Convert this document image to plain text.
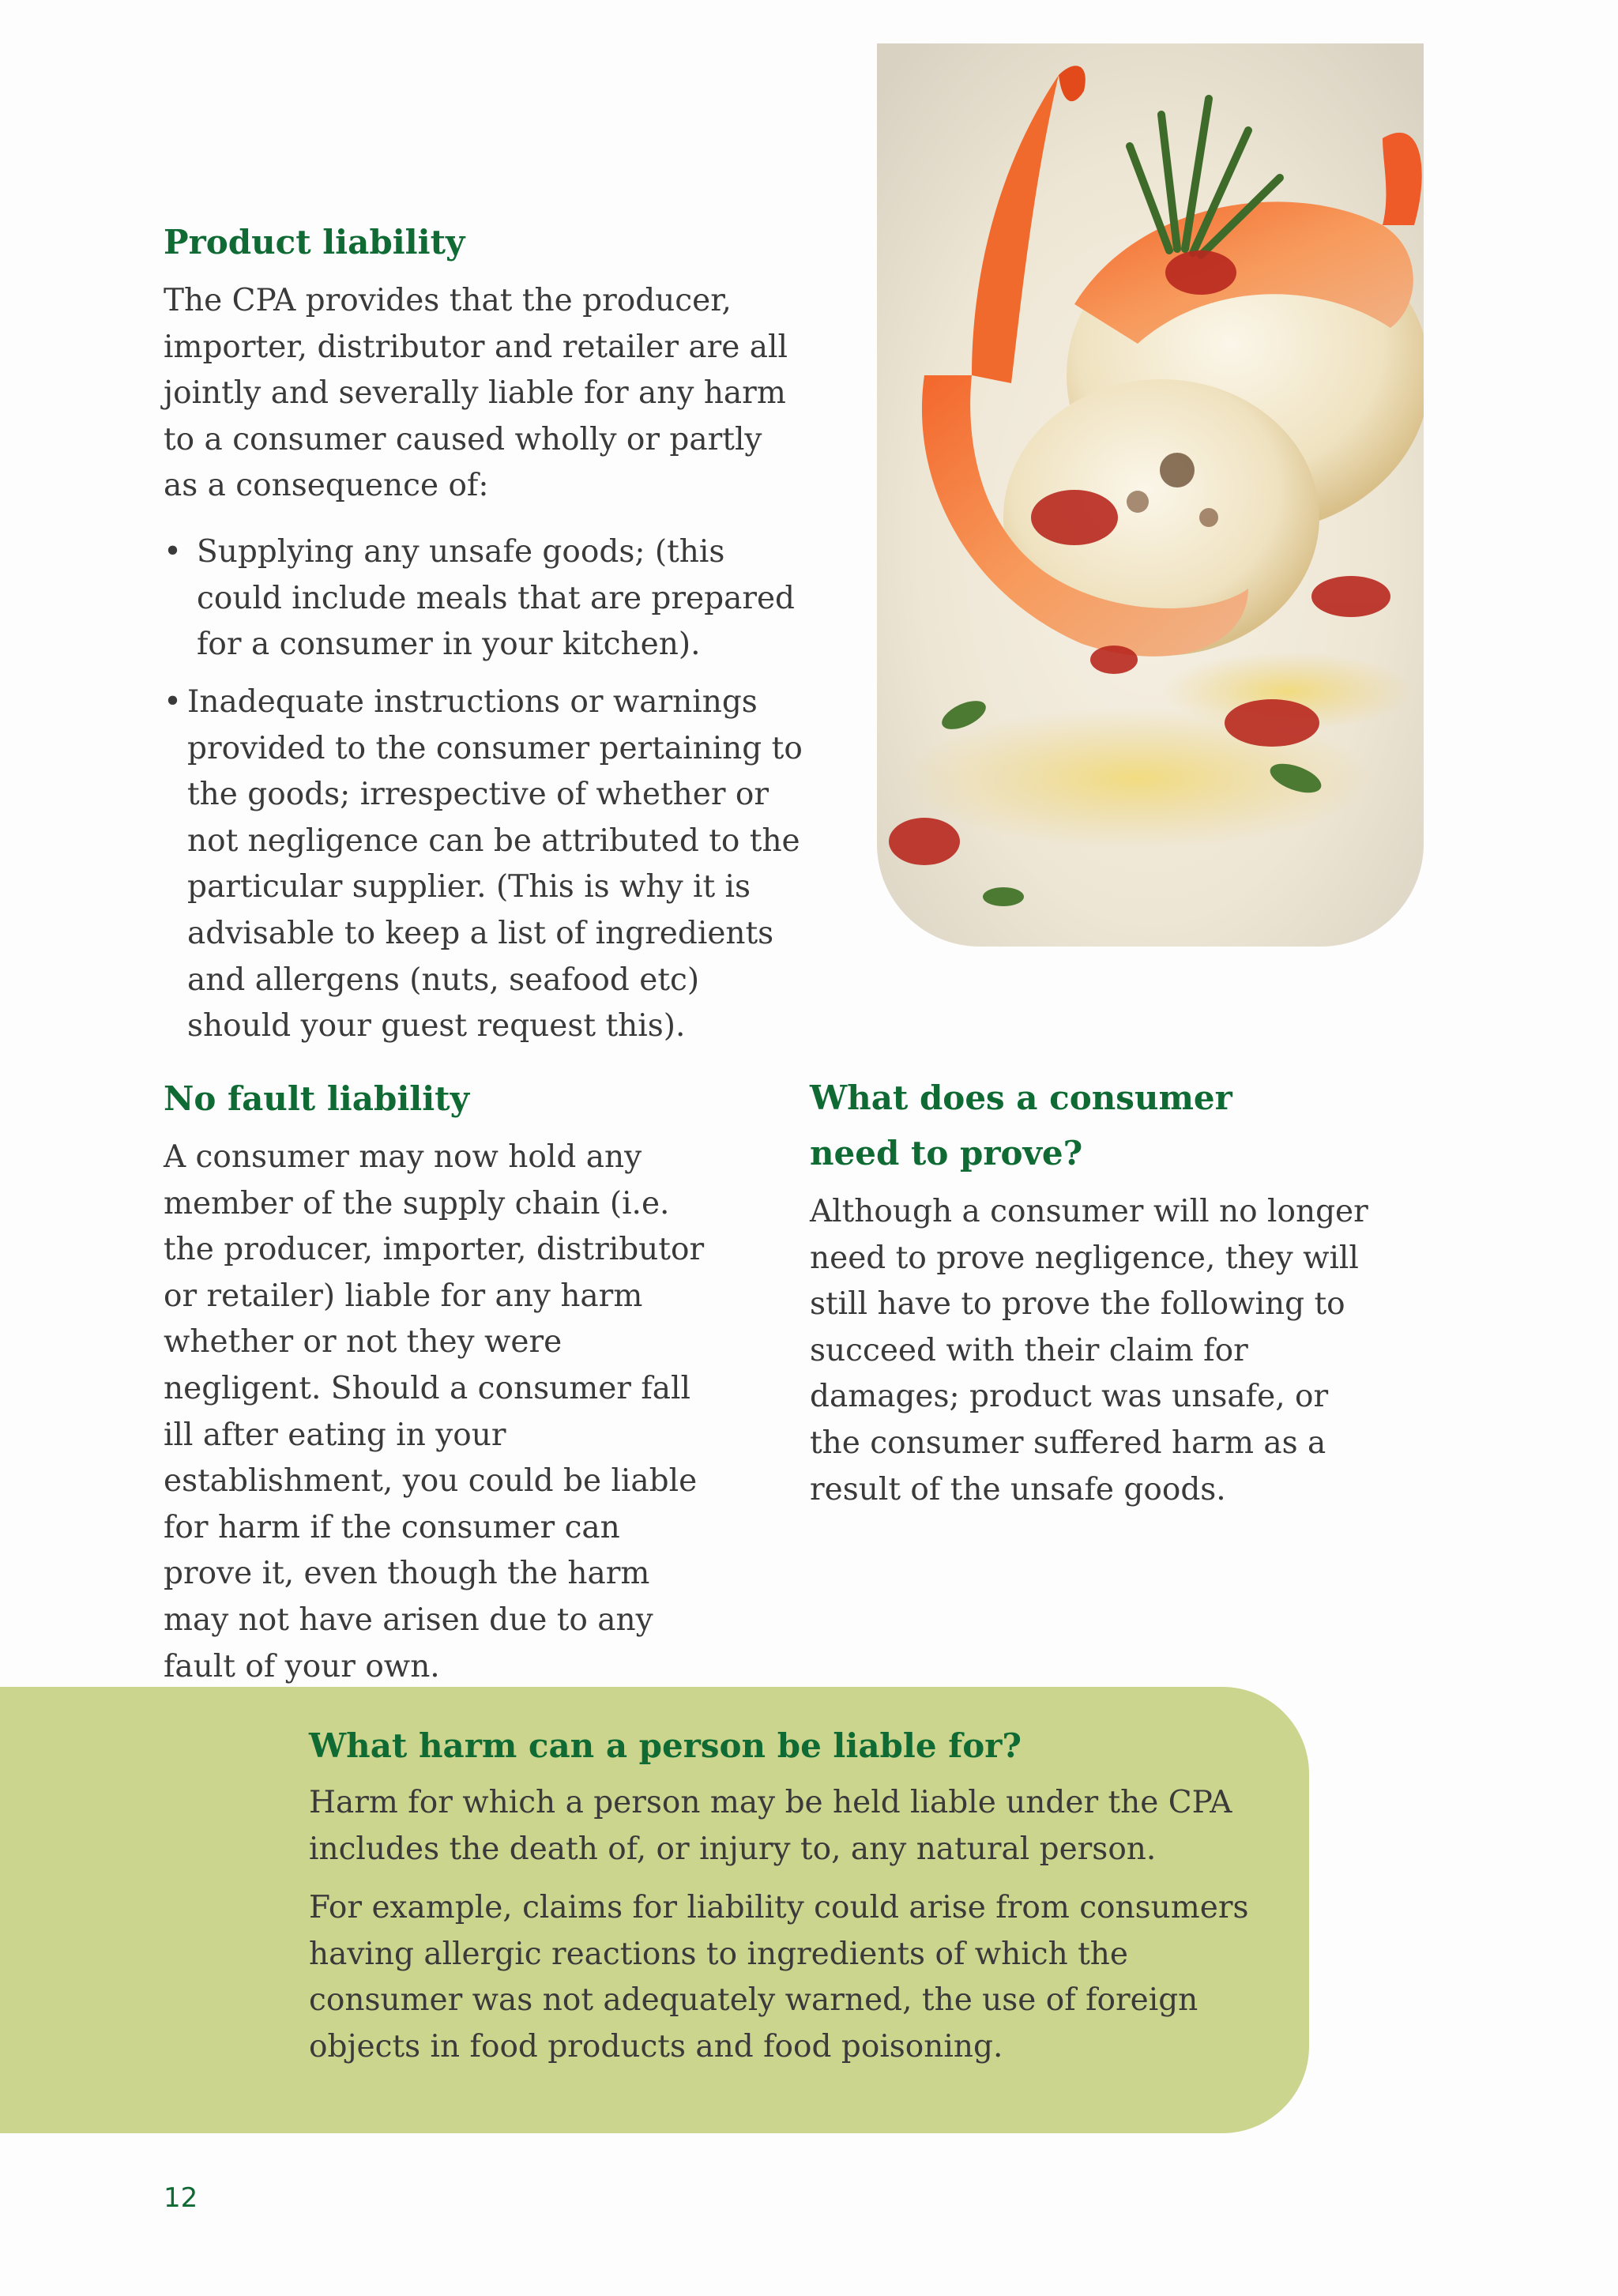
Product liability

The CPA provides that the producer, importer, distributor and retailer are all jointly and severally liable for any harm to a consumer caused wholly or partly as a consequence of:

• Supplying any unsafe goods; (this could include meals that are prepared for a consumer in your kitchen).
• Inadequate instructions or warnings provided to the consumer pertaining to the goods; irrespective of whether or not negligence can be attributed to the particular supplier. (This is why it is advisable to keep a list of ingredients and allergens (nuts, seafood etc) should your guest request this).
No fault liability

A consumer may now hold any member of the supply chain (i.e. the producer, importer, distributor or retailer) liable for any harm whether or not they were negligent. Should a consumer fall ill after eating in your establishment, you could be liable for harm if the consumer can prove it, even though the harm may not have arisen due to any fault of your own.

What does a consumer need to prove?

Although a consumer will no longer need to prove negligence, they will still have to prove the following to succeed with their claim for damages; product was unsafe, or the consumer suffered harm as a result of the unsafe goods.

What harm can a person be liable for?

Harm for which a person may be held liable under the CPA includes the death of, or injury to, any natural person.

For example, claims for liability could arise from consumers having allergic reactions to ingredients of which the consumer was not adequately warned, the use of foreign objects in food products and food poisoning.

12
